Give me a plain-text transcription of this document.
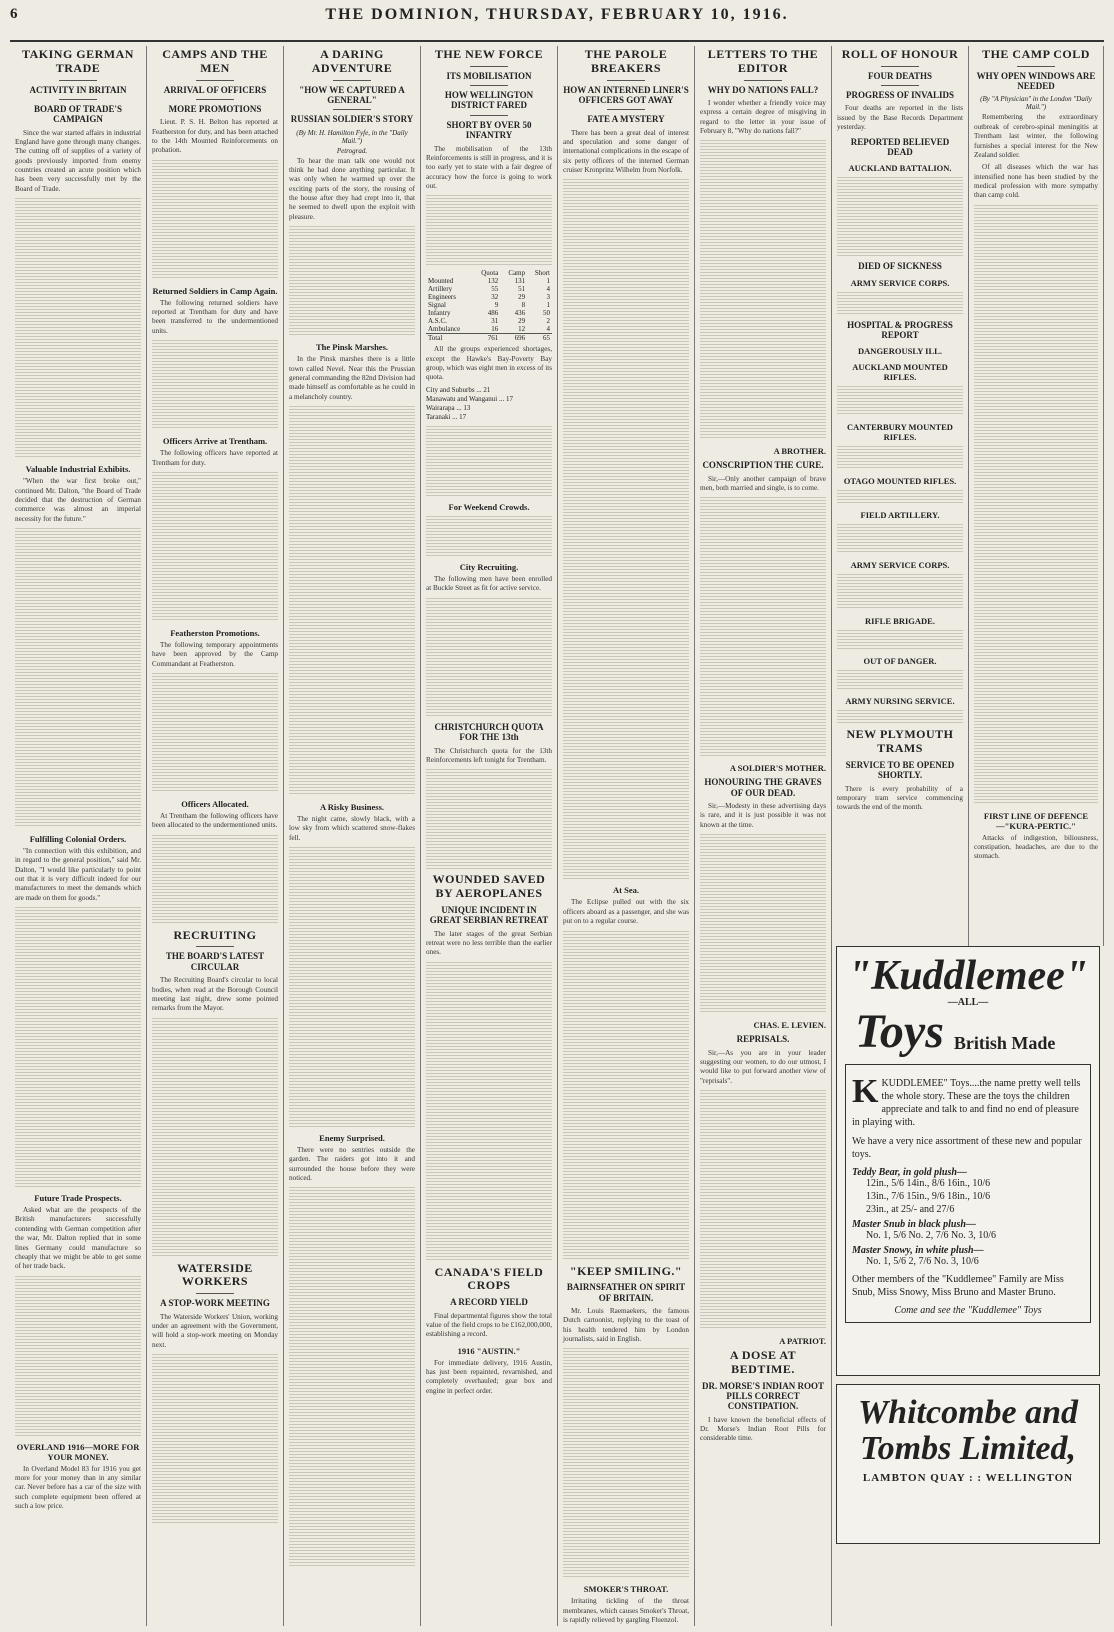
6	THE DOMINION, THURSDAY, FEBRUARY 10, 1916.
TAKING GERMAN TRADE
ACTIVITY IN BRITAIN
BOARD OF TRADE'S CAMPAIGN

Since the war started affairs in industrial England have gone through many changes. The cutting off of supplies of a variety of goods previously imported from enemy countries created an acute position which has been very successfully met by the Board of Trade.

Valuable Industrial Exhibits.

"When the war first broke out," continued Mr. Dalton, "the Board of Trade decided that the destruction of German commerce was almost an imperial necessity for the future."

Fulfilling Colonial Orders.

"In connection with this exhibition, and in regard to the general position," said Mr. Dalton, "I would like particularly to point out that it is very difficult indeed for our manufacturers to meet the demands which are made on them for goods."

Future Trade Prospects.

Asked what are the prospects of the British manufacturers successfully contending with German competition after the war, Mr. Dalton replied that in some lines Germany could manufacture so cheaply that we might be able to get some of her trade back.

OVERLAND 1916—MORE FOR YOUR MONEY.

In Overland Model 83 for 1916 you get more for your money than in any similar car. Never before has a car of the size with such complete equipment been offered at such a low price.

CAMPS AND THE MEN
ARRIVAL OF OFFICERS
MORE PROMOTIONS

Lieut. P. S. H. Belton has reported at Featherston for duty, and has been attached to the 14th Mounted Reinforcements on probation.

Returned Soldiers in Camp Again.

The following returned soldiers have reported at Trentham for duty and have been transferred to the undermentioned units.

Officers Arrive at Trentham.

The following officers have reported at Trentham for duty.

Featherston Promotions.

The following temporary appointments have been approved by the Camp Commandant at Featherston.

Officers Allocated.

At Trentham the following officers have been allocated to the undermentioned units.

RECRUITING
THE BOARD'S LATEST CIRCULAR

The Recruiting Board's circular to local bodies, when read at the Borough Council meeting last night, drew some pointed remarks from the Mayor.

WATERSIDE WORKERS
A STOP-WORK MEETING

The Waterside Workers' Union, working under an agreement with the Government, will hold a stop-work meeting on Monday next.

A DARING ADVENTURE
"HOW WE CAPTURED A GENERAL"
RUSSIAN SOLDIER'S STORY
(By Mr. H. Hamilton Fyfe, in the "Daily Mail.")
Petrograd.

To hear the man talk one would not think he had done anything particular. It was only when he warmed up over the exciting parts of the story, the rousing of the house after they had crept into it, that he seemed to dwell upon the exploit with pleasure.

The Pinsk Marshes.

In the Pinsk marshes there is a little town called Nevel. Near this the Prussian general commanding the 82nd Division had made himself as comfortable as he could in a melancholy country.

A Risky Business.

The night came, slowly black, with a low sky from which scattered snow-flakes fell.

Enemy Surprised.

There were no sentries outside the garden. The raiders got into it and surrounded the house before they were noticed.

THE NEW FORCE
ITS MOBILISATION
HOW WELLINGTON DISTRICT FARED
SHORT BY OVER 50 INFANTRY

The mobilisation of the 13th Reinforcements is still in progress, and it is too early yet to state with a fair degree of accuracy how the force is going to work out.

	Quota	Camp	Short
Mounted	132	131	1
Artillery	55	51	4
Engineers	32	29	3
Signal	9	8	1
Infantry	486	436	50
A.S.C.	31	29	2
Ambulance	16	12	4
Total	761	696	65

All the groups experienced shortages, except the Hawke's Bay-Poverty Bay group, which was eight men in excess of its quota.

City and Suburbs ... 21
Manawatu and Wanganui ... 17
Wairarapa ... 13
Taranaki ... 17
For Weekend Crowds.
City Recruiting.

The following men have been enrolled at Buckle Street as fit for active service.

CHRISTCHURCH QUOTA FOR THE 13th

The Christchurch quota for the 13th Reinforcements left tonight for Trentham.

WOUNDED SAVED BY AEROPLANES
UNIQUE INCIDENT IN GREAT SERBIAN RETREAT

The later stages of the great Serbian retreat were no less terrible than the earlier ones.

CANADA'S FIELD CROPS
A RECORD YIELD

Final departmental figures show the total value of the field crops to be £162,000,000, establishing a record.

1916 "AUSTIN."

For immediate delivery, 1916 Austin, has just been repainted, revarnished, and completely overhauled; gear box and engine in perfect order.

THE PAROLE BREAKERS
HOW AN INTERNED LINER'S OFFICERS GOT AWAY
FATE A MYSTERY

There has been a great deal of interest and speculation and some danger of international complications in the escape of six petty officers of the interned German cruiser Kronprinz Wilhelm from Norfolk.

At Sea.

The Eclipse pulled out with the six officers aboard as a passenger, and she was put on to a regular course.

"KEEP SMILING."
BAIRNSFATHER ON SPIRIT OF BRITAIN.

Mr. Louis Raemaekers, the famous Dutch cartoonist, replying to the toast of his health tendered him by London journalists, said in English.

SMOKER'S THROAT.

Irritating tickling of the throat membranes, which causes Smoker's Throat, is rapidly relieved by gargling Fluenzol.

LETTERS TO THE EDITOR
WHY DO NATIONS FALL?

I wonder whether a friendly voice may express a certain degree of misgiving in regard to the letter in your issue of February 8, "Why do nations fall?"

A BROTHER.
CONSCRIPTION THE CURE.

Sir,—Only another campaign of brave men, both married and single, is to come.

A SOLDIER'S MOTHER.
HONOURING THE GRAVES OF OUR DEAD.

Sir,—Modesty in these advertising days is rare, and it is just possible it was not known at the time.

CHAS. E. LEVIEN.
REPRISALS.

Sir,—As you are in your leader suggesting our women, to do our utmost, I would like to put forward another view of "reprisals".

A PATRIOT.
A DOSE AT BEDTIME.
DR. MORSE'S INDIAN ROOT PILLS CORRECT CONSTIPATION.

I have known the beneficial effects of Dr. Morse's Indian Root Pills for considerable time.

ROLL OF HONOUR
FOUR DEATHS
PROGRESS OF INVALIDS

Four deaths are reported in the lists issued by the Base Records Department yesterday.

REPORTED BELIEVED DEAD
AUCKLAND BATTALION.
DIED OF SICKNESS
ARMY SERVICE CORPS.
HOSPITAL & PROGRESS REPORT
DANGEROUSLY ILL.
AUCKLAND MOUNTED RIFLES.
CANTERBURY MOUNTED RIFLES.
OTAGO MOUNTED RIFLES.
FIELD ARTILLERY.
ARMY SERVICE CORPS.
RIFLE BRIGADE.
OUT OF DANGER.
ARMY NURSING SERVICE.
NEW PLYMOUTH TRAMS
SERVICE TO BE OPENED SHORTLY.

There is every probability of a temporary tram service commencing towards the end of the month.

THE CAMP COLD
WHY OPEN WINDOWS ARE NEEDED
(By "A Physician" in the London "Daily Mail.")

Remembering the extraordinary outbreak of cerebro-spinal meningitis at Trentham last winter, the following furnishes a special interest for the New Zealand soldier.

Of all diseases which the war has intensified none has been studied by the medical profession with more sympathy than camp cold.

FIRST LINE OF DEFENCE—"KURA-PERTIC."

Attacks of indigestion, biliousness, constipation, headaches, are due to the stomach.

"Kuddlemee"
—ALL—
Toys British Made
K KUDDLEMEE" Toys....the name pretty well tells the whole story. These are the toys the children appreciate and talk to and find no end of pleasure in playing with.
We have a very nice assortment of these new and popular toys.
Teddy Bear, in gold plush—
12in., 5/6 14in., 8/6 16in., 10/6
13in., 7/6 15in., 9/6 18in., 10/6
23in., at 25/- and 27/6
Master Snub in black plush—
No. 1, 5/6 No. 2, 7/6 No. 3, 10/6
Master Snowy, in white plush—
No. 1, 5/6 2, 7/6 No. 3, 10/6
Other members of the "Kuddlemee" Family are Miss Snub, Miss Snowy, Miss Bruno and Master Bruno.
Come and see the "Kuddlemee" Toys
Whitcombe and Tombs Limited,
LAMBTON QUAY : : WELLINGTON
